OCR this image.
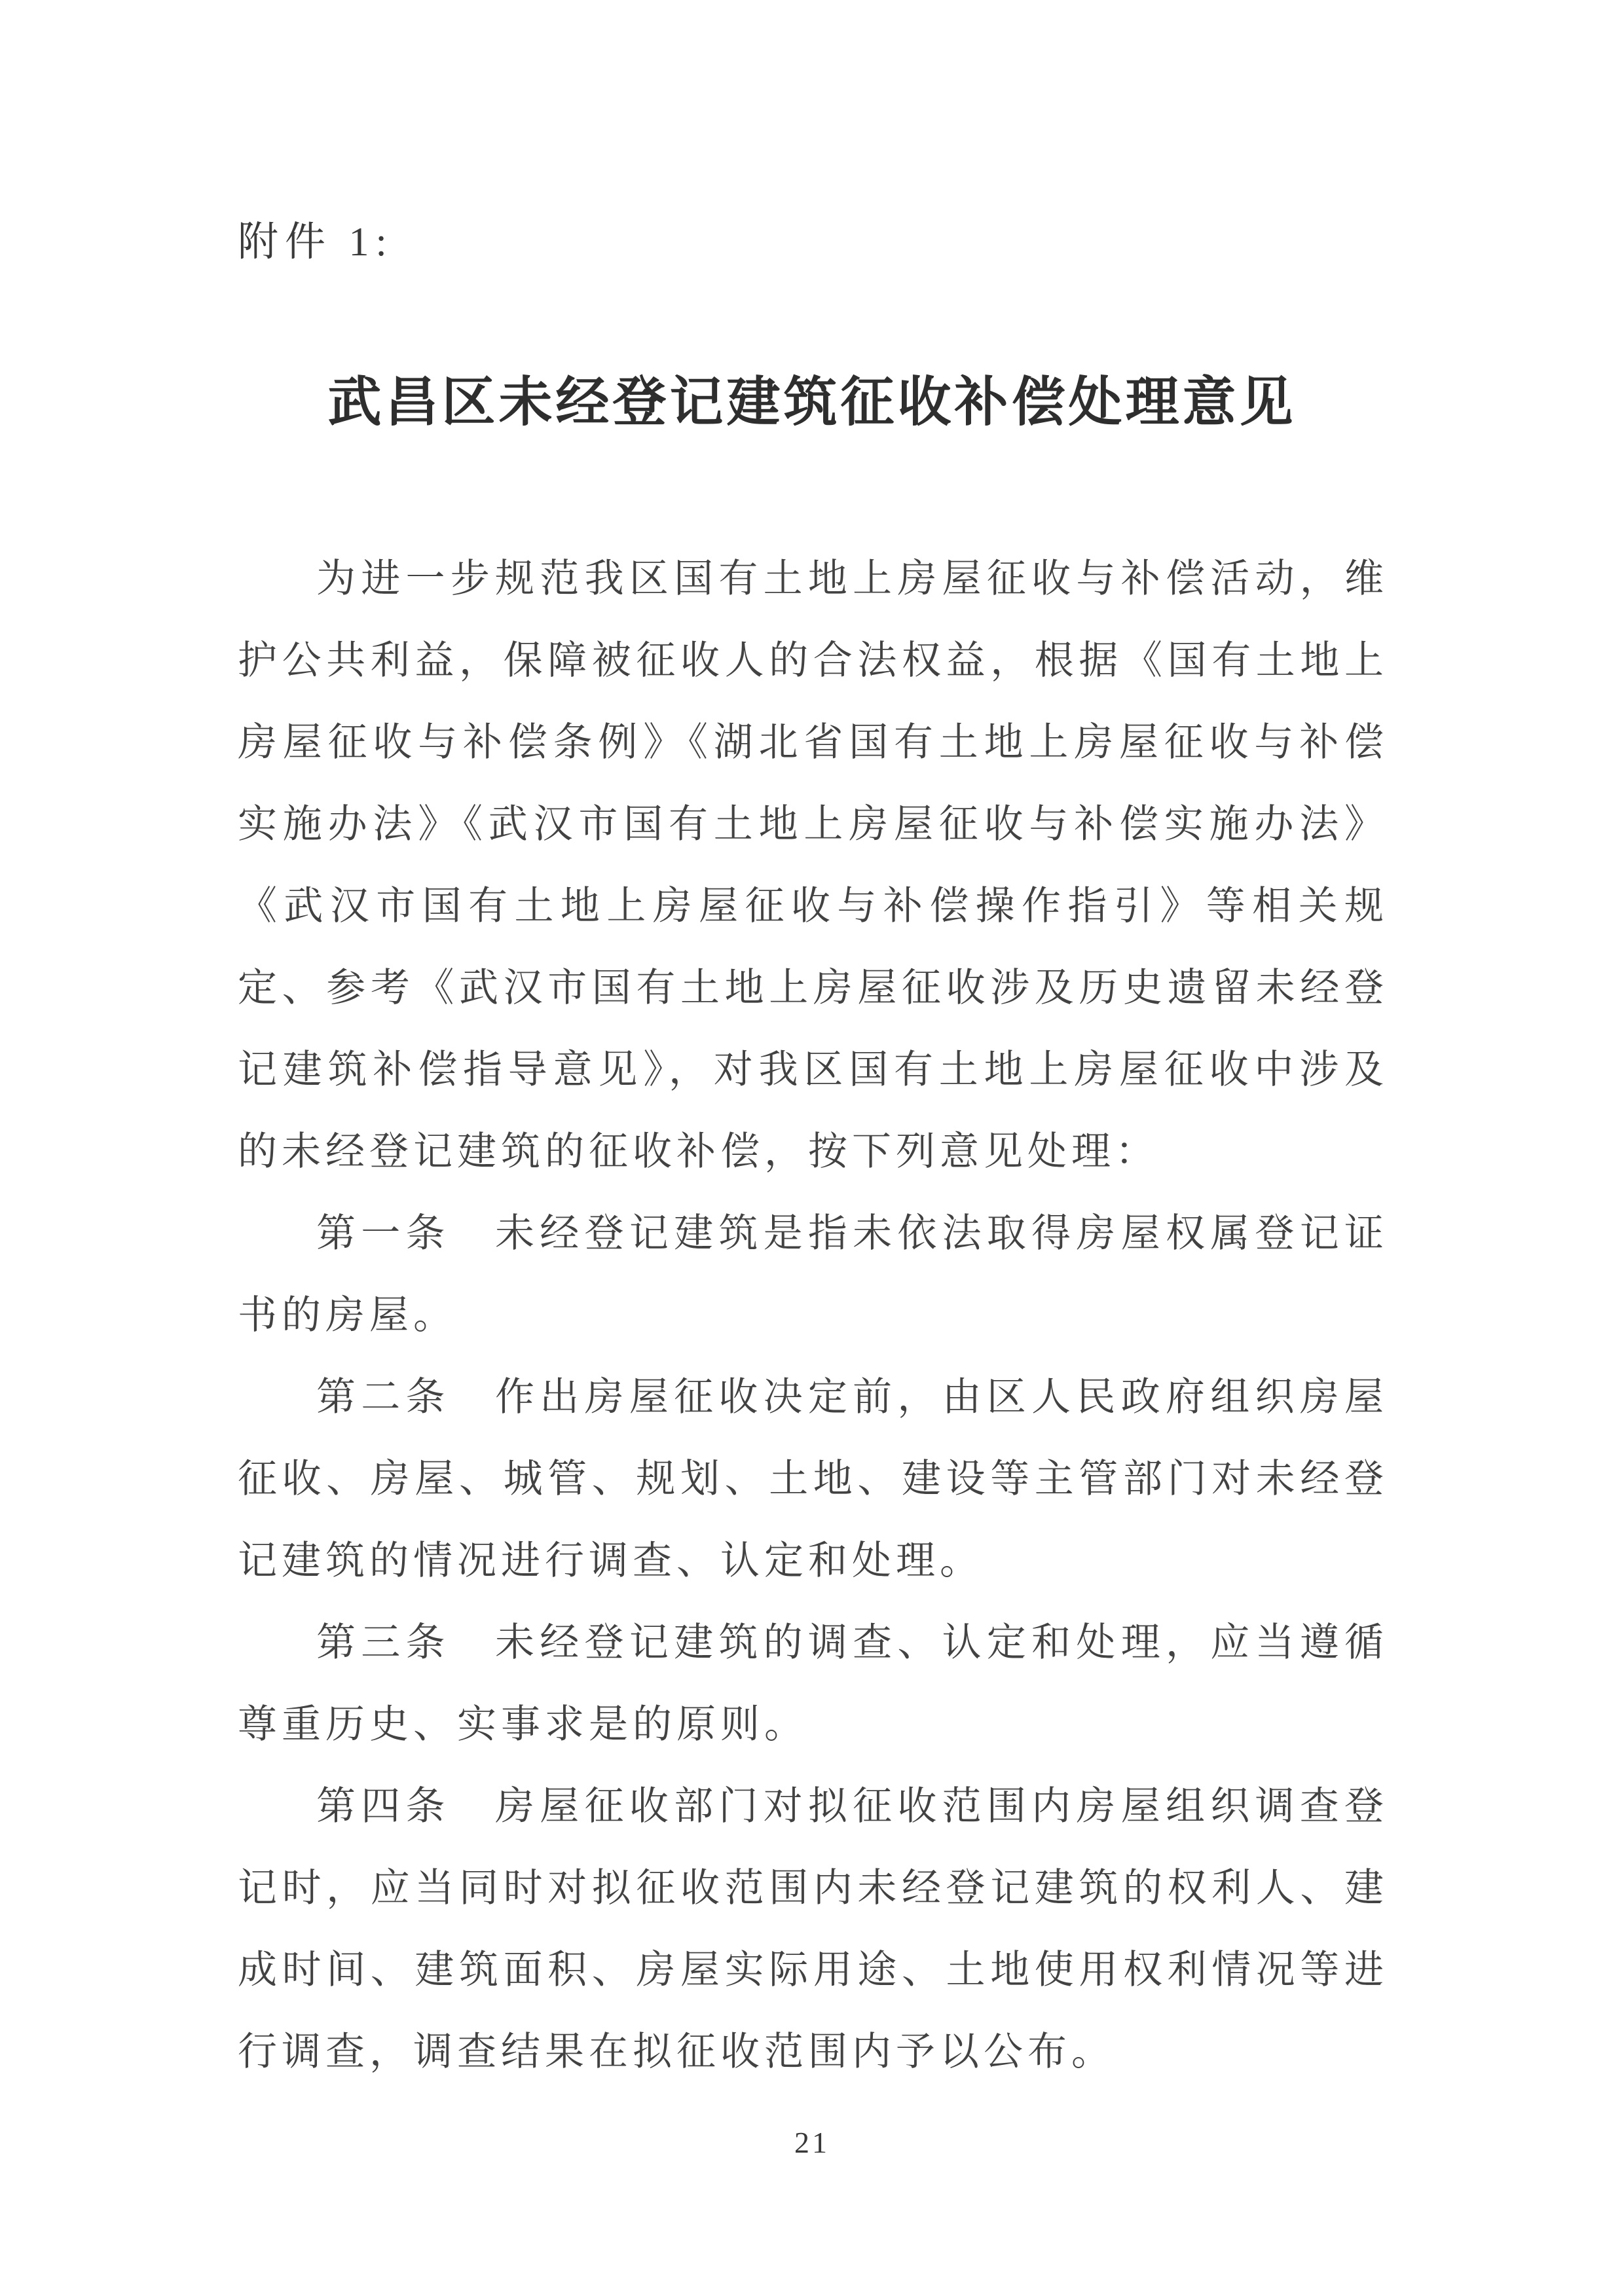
附件 1:
武昌区未经登记建筑征收补偿处理意见

为进一步规范我区国有土地上房屋征收与补偿活动，维护公共利益，保障被征收人的合法权益，根据《国有土地上房屋征收与补偿条例》《湖北省国有土地上房屋征收与补偿实施办法》《武汉市国有土地上房屋征收与补偿实施办法》《武汉市国有土地上房屋征收与补偿操作指引》等相关规定、参考《武汉市国有土地上房屋征收涉及历史遗留未经登记建筑补偿指导意见》，对我区国有土地上房屋征收中涉及的未经登记建筑的征收补偿，按下列意见处理：

第一条　未经登记建筑是指未依法取得房屋权属登记证书的房屋。

第二条　作出房屋征收决定前，由区人民政府组织房屋征收、房屋、城管、规划、土地、建设等主管部门对未经登记建筑的情况进行调查、认定和处理。

第三条　未经登记建筑的调查、认定和处理，应当遵循尊重历史、实事求是的原则。

第四条　房屋征收部门对拟征收范围内房屋组织调查登记时，应当同时对拟征收范围内未经登记建筑的权利人、建成时间、建筑面积、房屋实际用途、土地使用权利情况等进行调查，调查结果在拟征收范围内予以公布。

21
